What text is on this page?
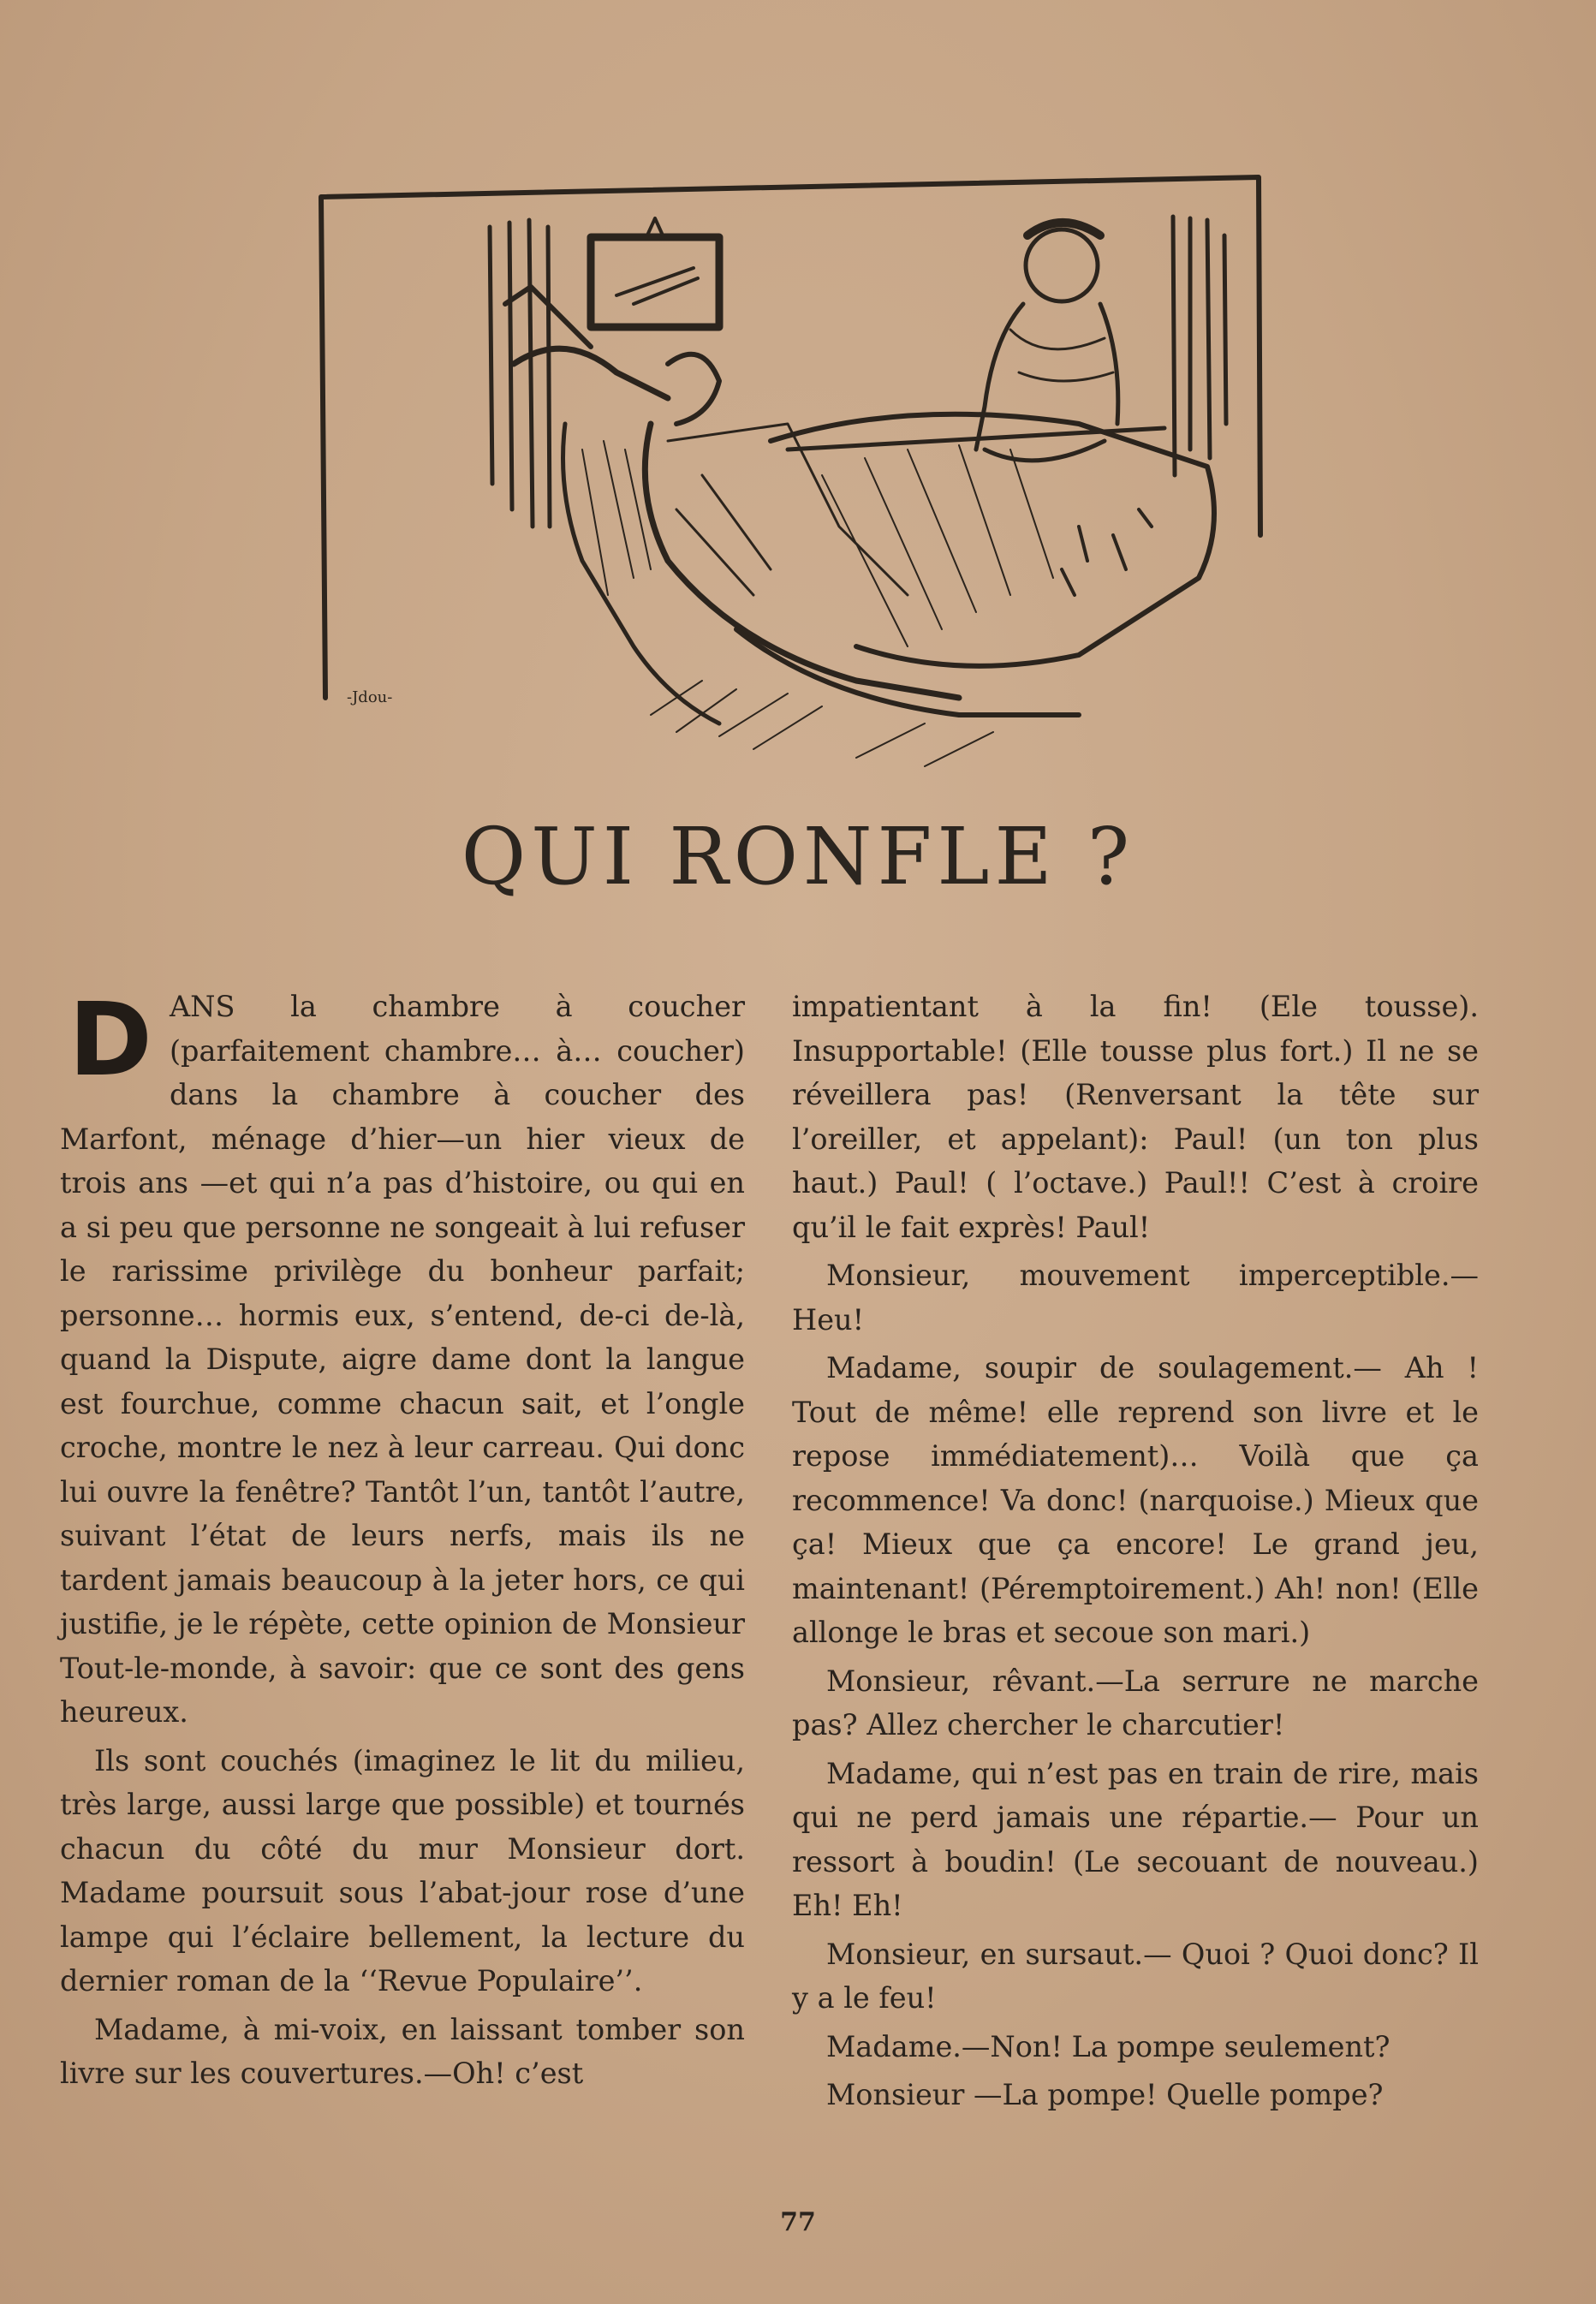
-Jdou-
QUI RONFLE ?

DANS la chambre à coucher (parfaitement chambre… à… coucher) dans la chambre à coucher des Marfont, ménage d’hier—un hier vieux de trois ans —et qui n’a pas d’histoire, ou qui en a si peu que personne ne songeait à lui refuser le rarissime privilège du bonheur parfait; personne… hormis eux, s’entend, de-ci de-là, quand la Dispute, aigre dame dont la langue est fourchue, comme chacun sait, et l’ongle croche, montre le nez à leur carreau. Qui donc lui ouvre la fenêtre? Tantôt l’un, tantôt l’autre, suivant l’état de leurs nerfs, mais ils ne tardent jamais beaucoup à la jeter hors, ce qui justifie, je le répète, cette opinion de Monsieur Tout-le-monde, à savoir: que ce sont des gens heureux.

Ils sont couchés (imaginez le lit du milieu, très large, aussi large que possible) et tournés chacun du côté du mur Monsieur dort. Madame poursuit sous l’abat-jour rose d’une lampe qui l’éclaire bellement, la lecture du dernier roman de la ‘‘Revue Populaire’’.

Madame, à mi-voix, en laissant tomber son livre sur les couvertures.—Oh! c’est

impatientant à la fin! (Ele tousse). Insupportable! (Elle tousse plus fort.) Il ne se réveillera pas! (Renversant la tête sur l’oreiller, et appelant): Paul! (un ton plus haut.) Paul! ( l’octave.) Paul!! C’est à croire qu’il le fait exprès! Paul!

Monsieur, mouvement imperceptible.— Heu!

Madame, soupir de soulagement.— Ah ! Tout de même! elle reprend son livre et le repose immédiatement)… Voilà que ça recommence! Va donc! (narquoise.) Mieux que ça! Mieux que ça encore! Le grand jeu, maintenant! (Péremptoirement.) Ah! non! (Elle allonge le bras et secoue son mari.)

Monsieur, rêvant.—La serrure ne marche pas? Allez chercher le charcutier!

Madame, qui n’est pas en train de rire, mais qui ne perd jamais une répartie.— Pour un ressort à boudin! (Le secouant de nouveau.) Eh! Eh!

Monsieur, en sursaut.— Quoi ? Quoi donc? Il y a le feu!

Madame.—Non! La pompe seulement?

Monsieur —La pompe! Quelle pompe?

77
